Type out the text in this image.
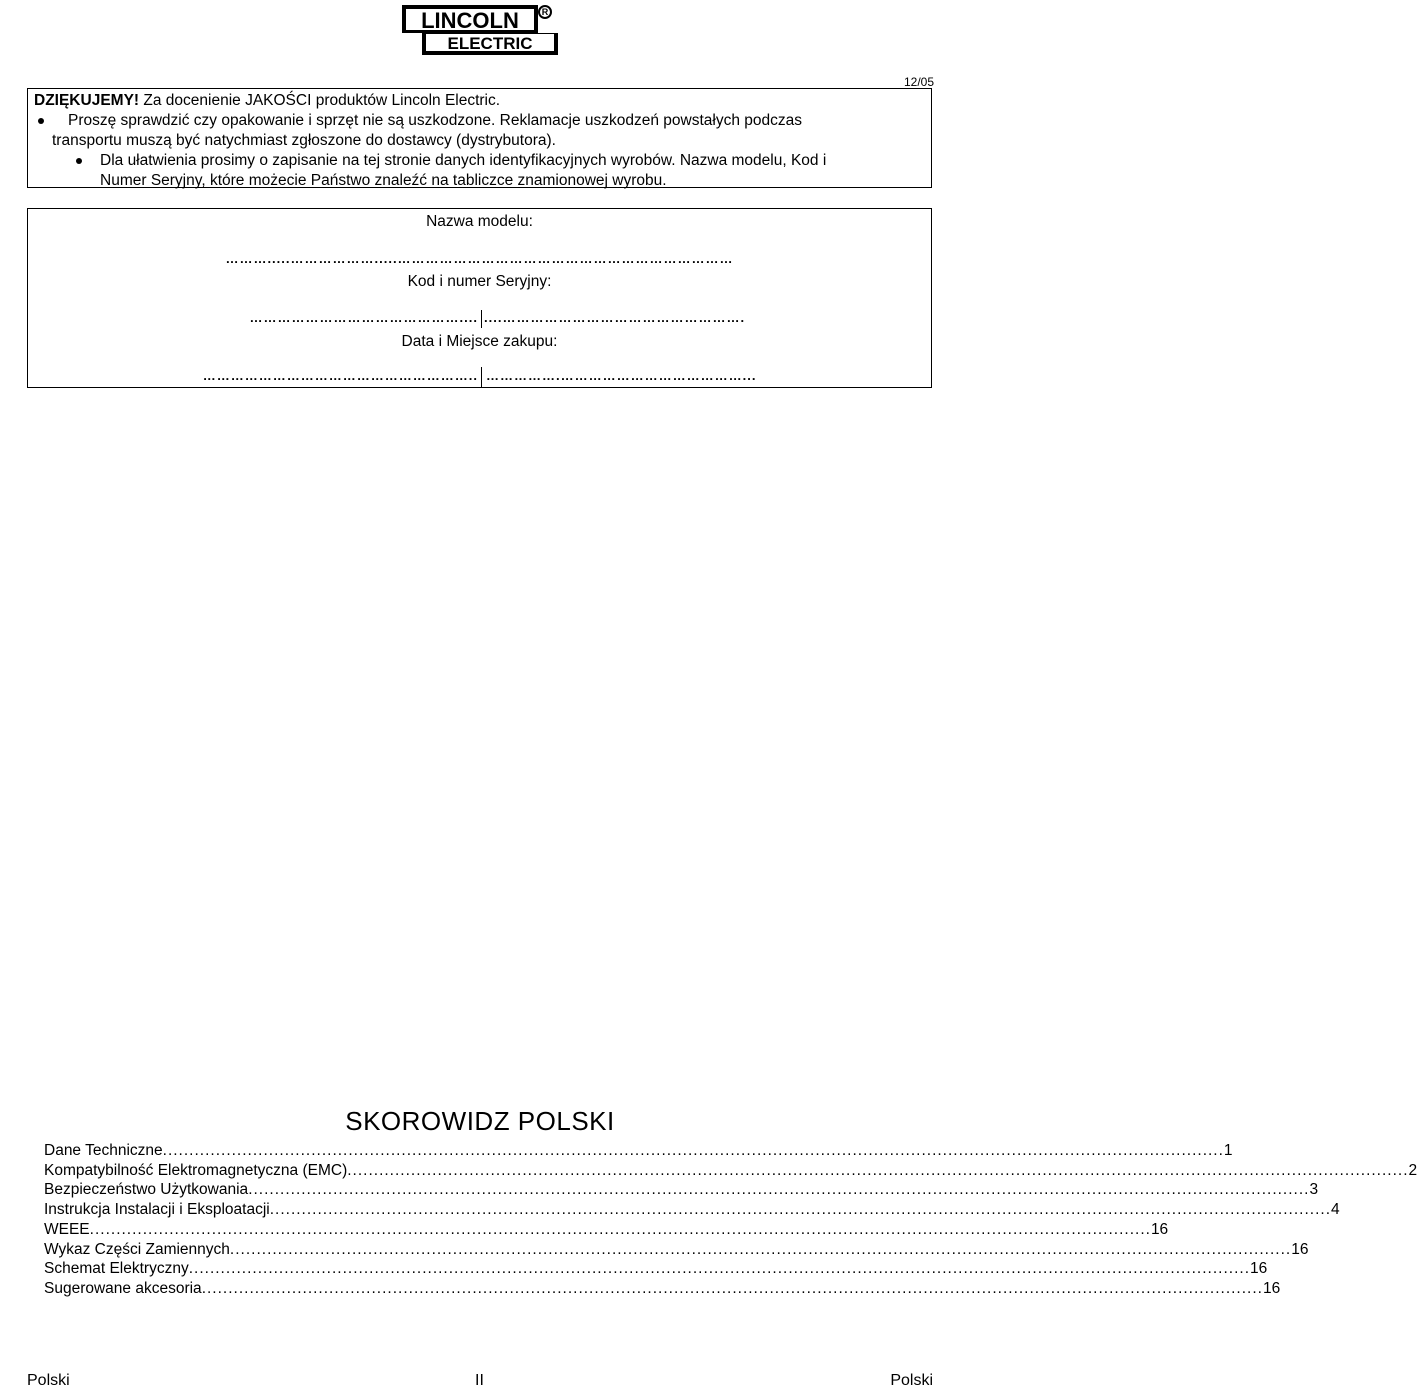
LINCOLN
ELECTRIC
R
12/05
DZIĘKUJEMY! Za docenienie JAKOŚCI produktów Lincoln Electric.
Proszę sprawdzić czy opakowanie i sprzęt nie są uszkodzone. Reklamacje uszkodzeń powstałych podczas
transportu muszą być natychmiast zgłoszone do dostawcy (dystrybutora).
Dla ułatwienia prosimy o zapisanie na tej stronie danych identyfikacyjnych wyrobów. Nazwa modelu, Kod i
Numer Seryjny, które możecie Państwo znaleźć na tabliczce znamionowej wyrobu.
Nazwa modelu:
……….....……………….....………………………………………………………………
Kod i numer Seryjny:
……………………………………….... ....…………………………………………….
Data i Miejsce zakupu:
………………………………………………….. …………….…………………………………...
SKOROWIDZ POLSKI
Dane Techniczne ........................................................................................................................................................................................................ 1
Kompatybilność Elektromagnetyczna (EMC) ........................................................................................................................................................................................................ 2
Bezpieczeństwo Użytkowania ........................................................................................................................................................................................................ 3
Instrukcja Instalacji i Eksploatacji ........................................................................................................................................................................................................ 4
WEEE ........................................................................................................................................................................................................ 16
Wykaz Części Zamiennych ........................................................................................................................................................................................................ 16
Schemat Elektryczny ........................................................................................................................................................................................................ 16
Sugerowane akcesoria ........................................................................................................................................................................................................ 16
Polski	II	Polski
